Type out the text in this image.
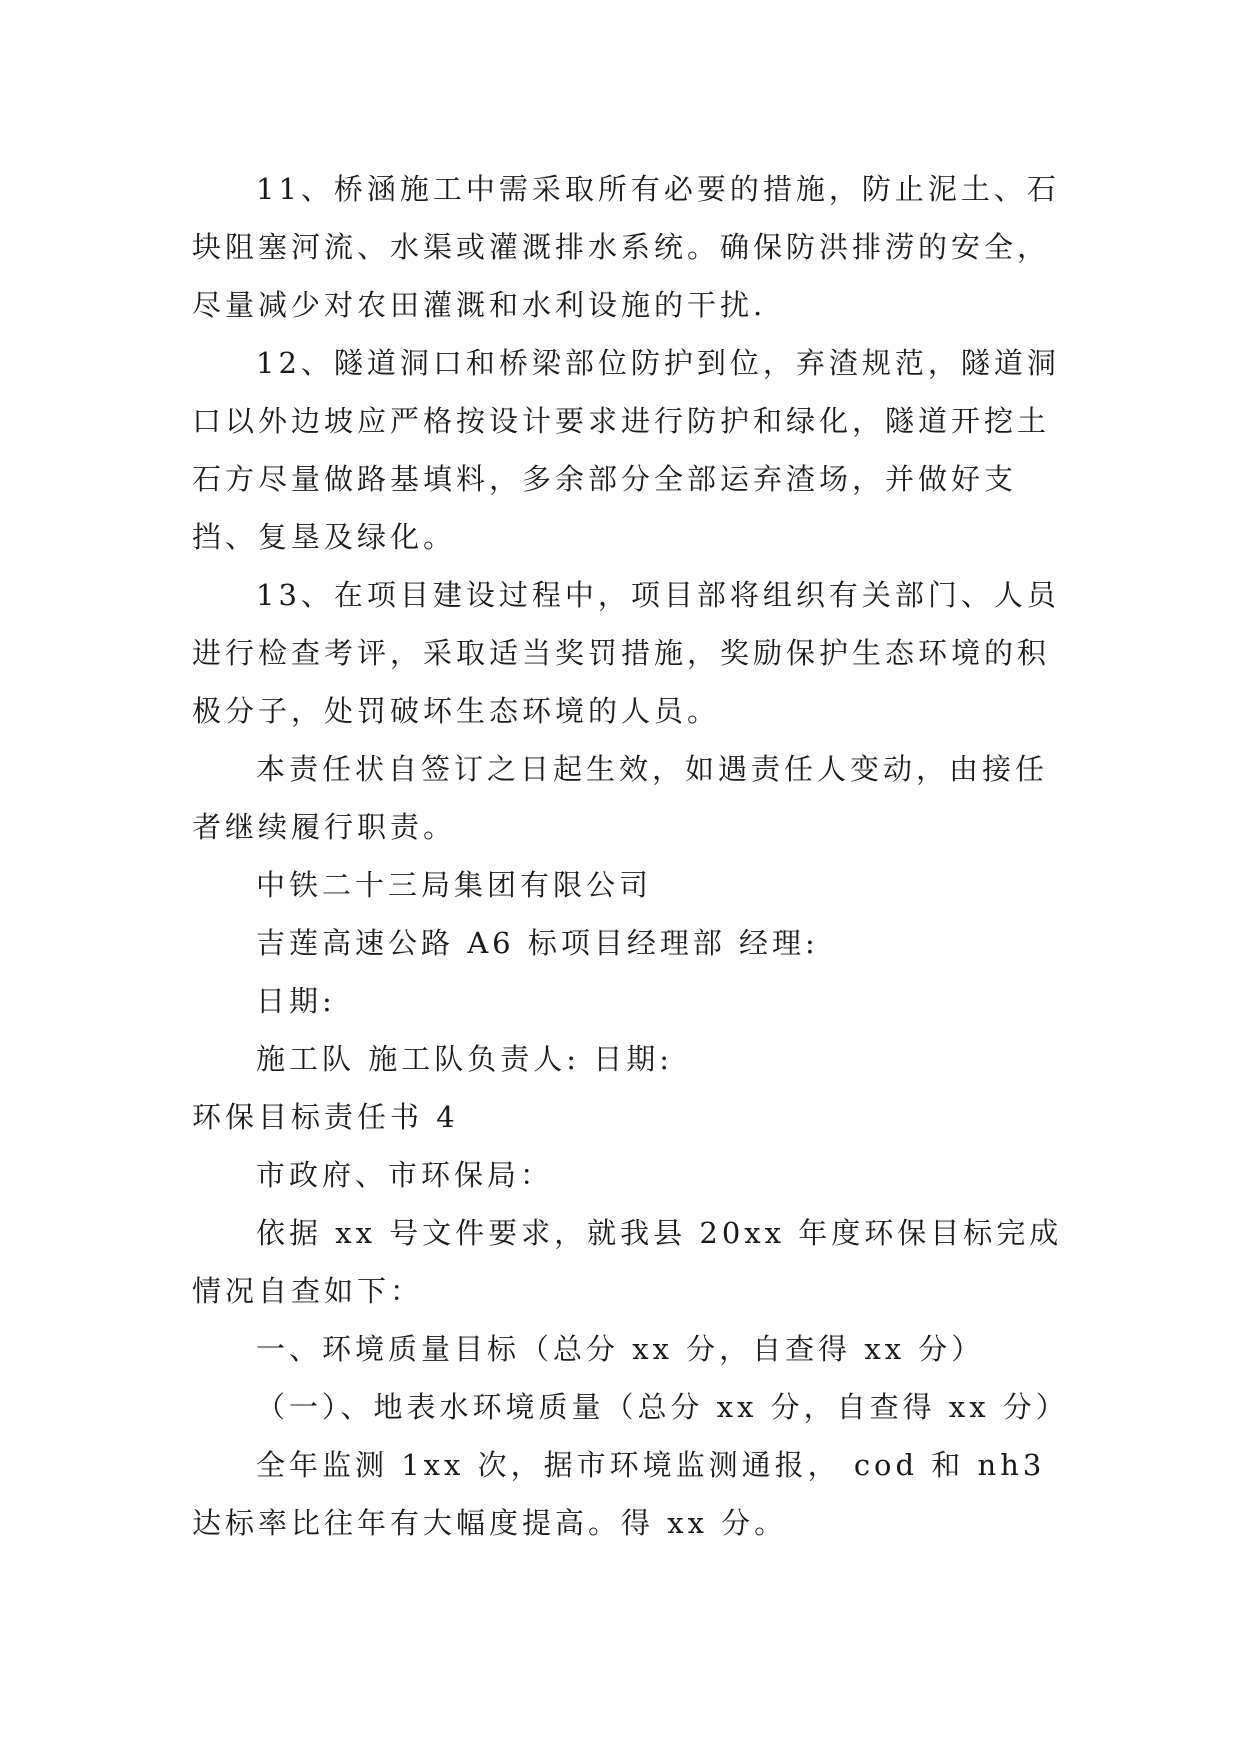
11、桥涵施工中需采取所有必要的措施，防止泥土、石块阻塞河流、水渠或灌溉排水系统。确保防洪排涝的安全，尽量减少对农田灌溉和水利设施的干扰.

12、隧道洞口和桥梁部位防护到位，弃渣规范，隧道洞口以外边坡应严格按设计要求进行防护和绿化，隧道开挖土石方尽量做路基填料，多余部分全部运弃渣场，并做好支挡、复垦及绿化。

13、在项目建设过程中，项目部将组织有关部门、人员进行检查考评，采取适当奖罚措施，奖励保护生态环境的积极分子，处罚破坏生态环境的人员。

本责任状自签订之日起生效，如遇责任人变动，由接任者继续履行职责。

中铁二十三局集团有限公司

吉莲高速公路 A6 标项目经理部 经理:

日期:

施工队 施工队负责人: 日期:

环保目标责任书 4

市政府、市环保局：

依据 xx 号文件要求，就我县 20xx 年度环保目标完成情况自查如下：

一、环境质量目标（总分 xx 分，自查得 xx 分）

（一）、地表水环境质量（总分 xx 分，自查得 xx 分）

全年监测 1xx 次，据市环境监测通报， cod 和 nh3 达标率比往年有大幅度提高。得 xx 分。
